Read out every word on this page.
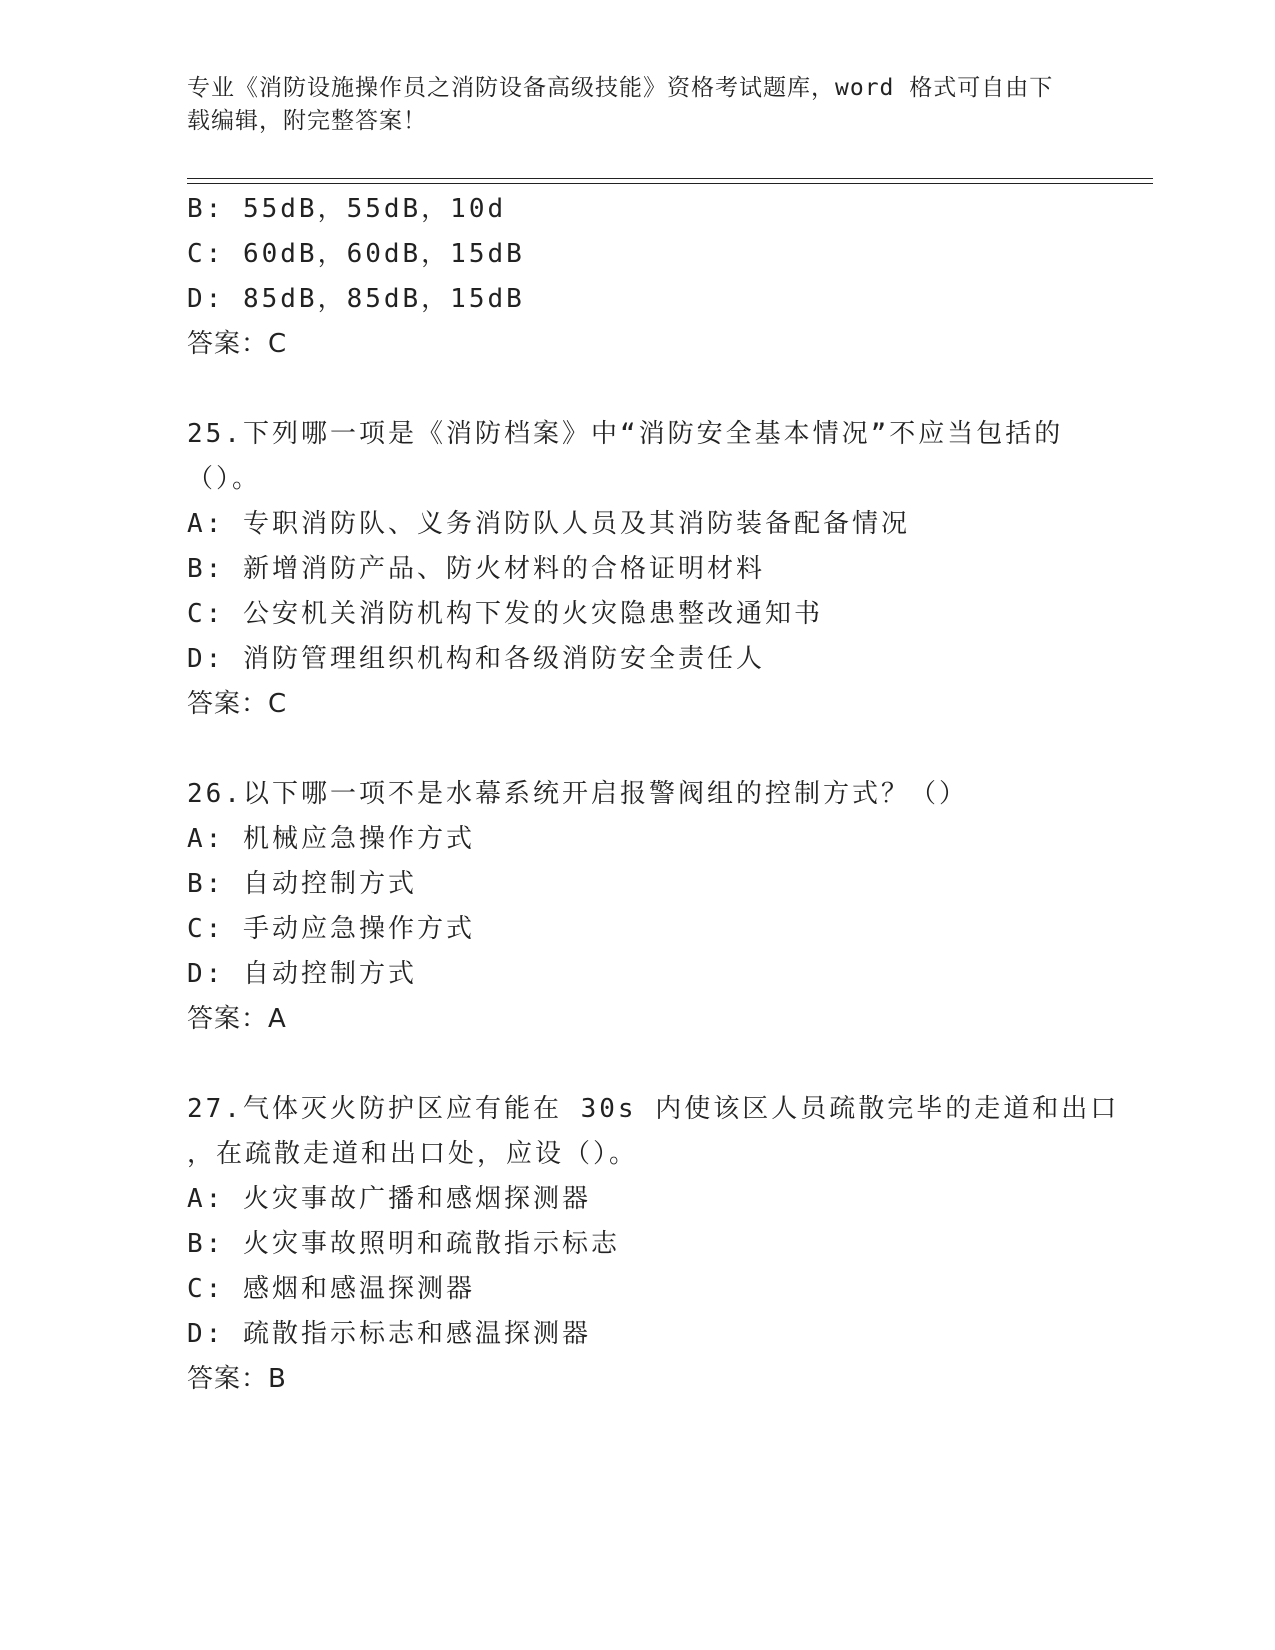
专业《消防设施操作员之消防设备高级技能》资格考试题库，word 格式可自由下
载编辑，附完整答案！
B: 55dB，55dB，10d
C: 60dB，60dB，15dB
D: 85dB，85dB，15dB
答案：C
25.下列哪一项是《消防档案》中“消防安全基本情况”不应当包括的
（）。
A: 专职消防队、义务消防队人员及其消防装备配备情况
B: 新增消防产品、防火材料的合格证明材料
C: 公安机关消防机构下发的火灾隐患整改通知书
D: 消防管理组织机构和各级消防安全责任人
答案：C
26.以下哪一项不是水幕系统开启报警阀组的控制方式？（）
A: 机械应急操作方式
B: 自动控制方式
C: 手动应急操作方式
D: 自动控制方式
答案：A
27.气体灭火防护区应有能在 30s 内使该区人员疏散完毕的走道和出口
，在疏散走道和出口处，应设（）。
A: 火灾事故广播和感烟探测器
B: 火灾事故照明和疏散指示标志
C: 感烟和感温探测器
D: 疏散指示标志和感温探测器
答案：B
